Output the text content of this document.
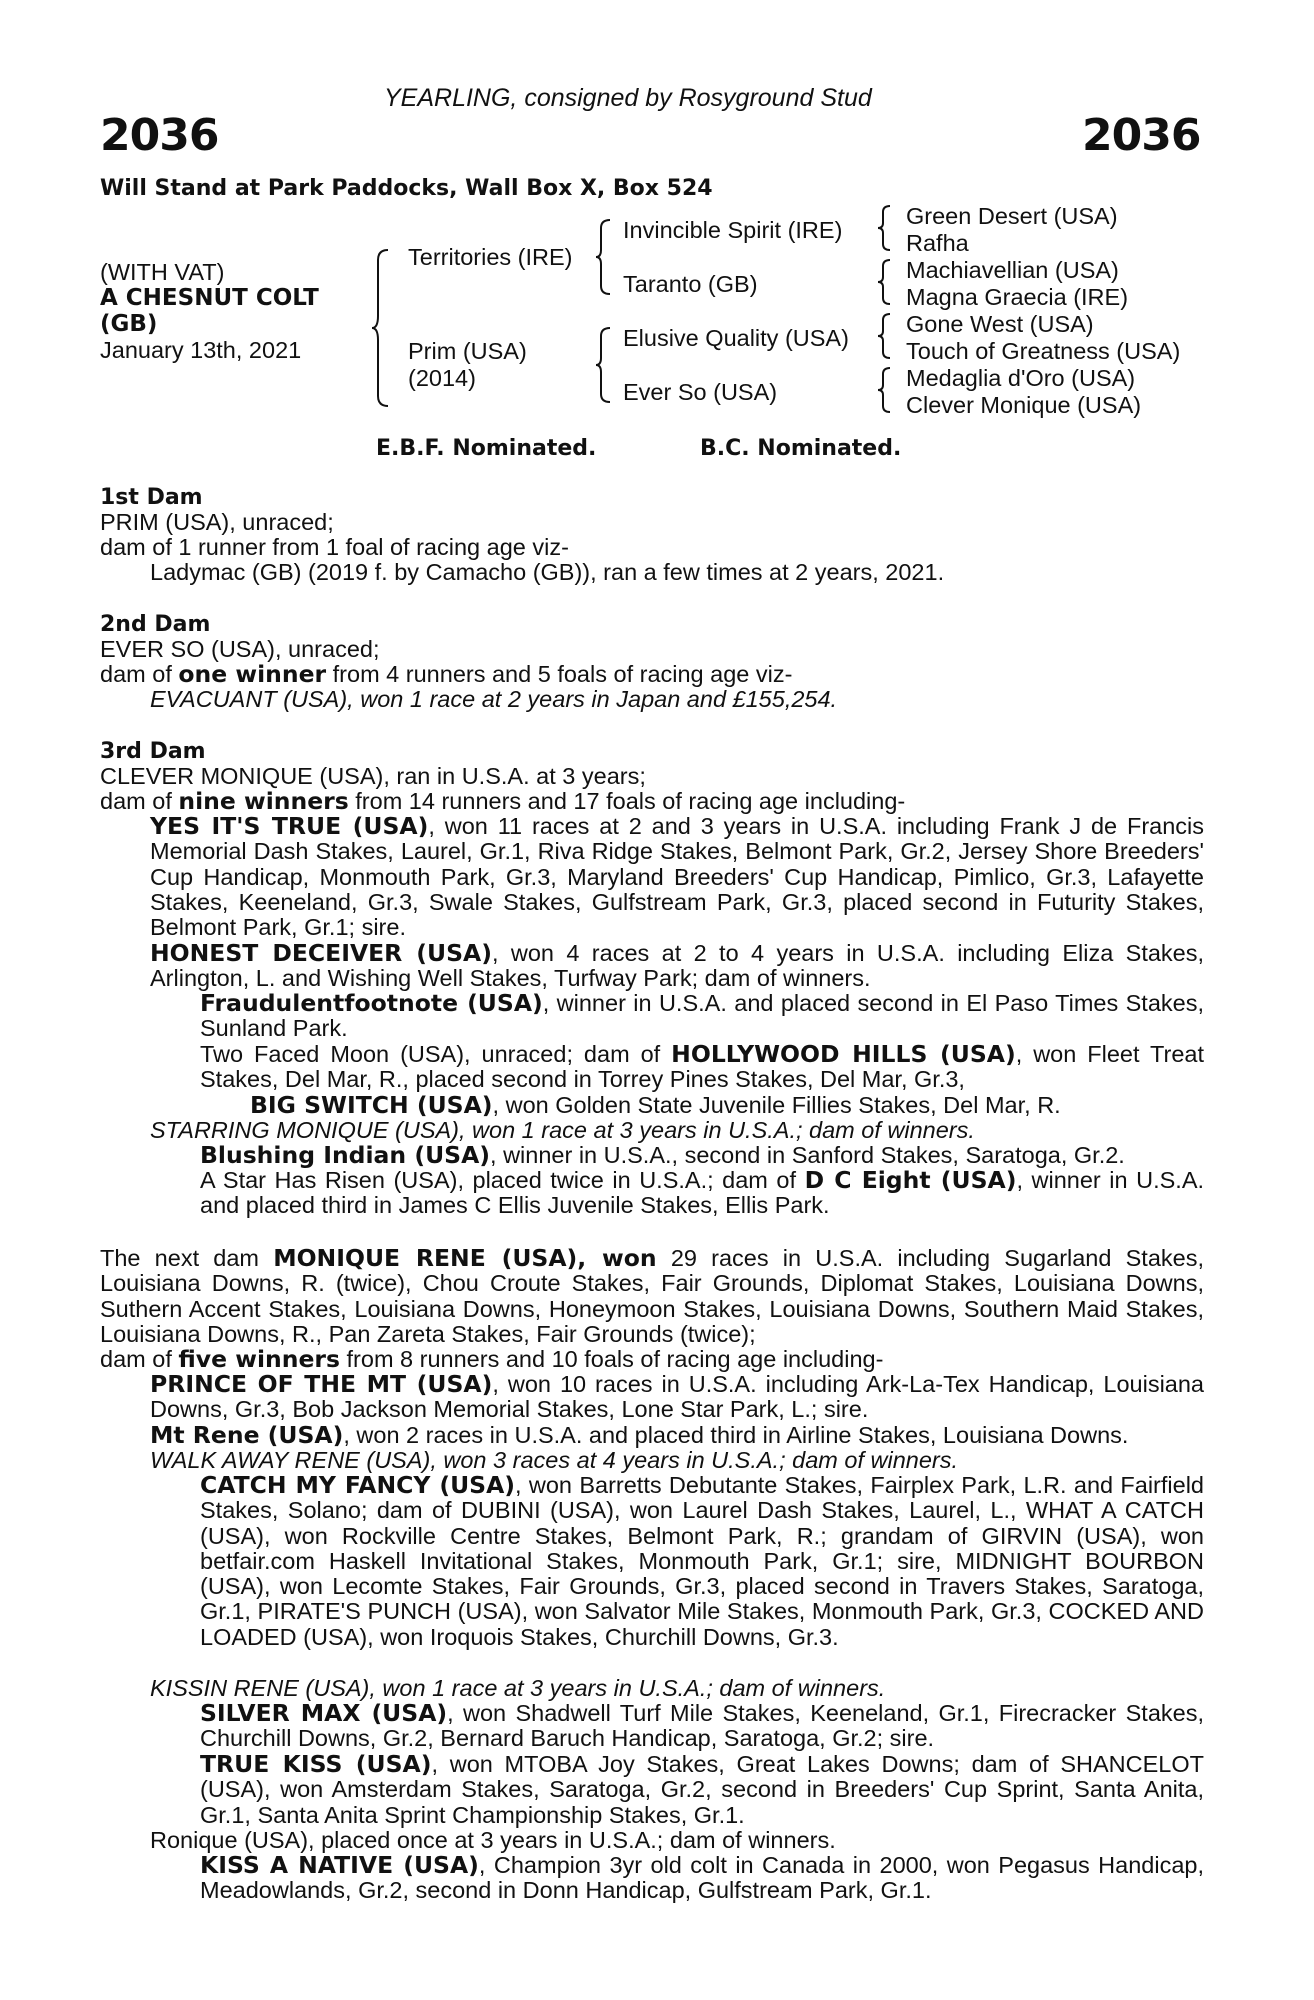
YEARLING, consigned by Rosyground Stud
2036	2036
Will Stand at Park Paddocks, Wall Box X, Box 524
(WITH VAT)
A CHESNUT COLT
(GB)
January 13th, 2021
Territories (IRE)
Prim (USA)
(2014)
Invincible Spirit (IRE)
Taranto (GB)
Elusive Quality (USA)
Ever So (USA)
Green Desert (USA)
Rafha
Machiavellian (USA)
Magna Graecia (IRE)
Gone West (USA)
Touch of Greatness (USA)
Medaglia d'Oro (USA)
Clever Monique (USA)
E.B.F. Nominated.	B.C. Nominated.
1st Dam
PRIM (USA), unraced;
dam of 1 runner from 1 foal of racing age viz-
Ladymac (GB) (2019 f. by Camacho (GB)), ran a few times at 2 years, 2021.
2nd Dam
EVER SO (USA), unraced;
dam of one winner from 4 runners and 5 foals of racing age viz-
EVACUANT (USA), won 1 race at 2 years in Japan and £155,254.
3rd Dam
CLEVER MONIQUE (USA), ran in U.S.A. at 3 years;
dam of nine winners from 14 runners and 17 foals of racing age including-
YES IT'S TRUE (USA), won 11 races at 2 and 3 years in U.S.A. including Frank J de Francis Memorial Dash Stakes, Laurel, Gr.1, Riva Ridge Stakes, Belmont Park, Gr.2, Jersey Shore Breeders' Cup Handicap, Monmouth Park, Gr.3, Maryland Breeders' Cup Handicap, Pimlico, Gr.3, Lafayette Stakes, Keeneland, Gr.3, Swale Stakes, Gulfstream Park, Gr.3, placed second in Futurity Stakes, Belmont Park, Gr.1; sire.
HONEST DECEIVER (USA), won 4 races at 2 to 4 years in U.S.A. including Eliza Stakes, Arlington, L. and Wishing Well Stakes, Turfway Park; dam of winners.
Fraudulentfootnote (USA), winner in U.S.A. and placed second in El Paso Times Stakes, Sunland Park.
Two Faced Moon (USA), unraced; dam of HOLLYWOOD HILLS (USA), won Fleet Treat Stakes, Del Mar, R., placed second in Torrey Pines Stakes, Del Mar, Gr.3,
BIG SWITCH (USA), won Golden State Juvenile Fillies Stakes, Del Mar, R.
STARRING MONIQUE (USA), won 1 race at 3 years in U.S.A.; dam of winners.
Blushing Indian (USA), winner in U.S.A., second in Sanford Stakes, Saratoga, Gr.2.
A Star Has Risen (USA), placed twice in U.S.A.; dam of D C Eight (USA), winner in U.S.A. and placed third in James C Ellis Juvenile Stakes, Ellis Park.
The next dam MONIQUE RENE (USA), won 29 races in U.S.A. including Sugarland Stakes, Louisiana Downs, R. (twice), Chou Croute Stakes, Fair Grounds, Diplomat Stakes, Louisiana Downs, Suthern Accent Stakes, Louisiana Downs, Honeymoon Stakes, Louisiana Downs, Southern Maid Stakes, Louisiana Downs, R., Pan Zareta Stakes, Fair Grounds (twice);
dam of five winners from 8 runners and 10 foals of racing age including-
PRINCE OF THE MT (USA), won 10 races in U.S.A. including Ark-La-Tex Handicap, Louisiana Downs, Gr.3, Bob Jackson Memorial Stakes, Lone Star Park, L.; sire.
Mt Rene (USA), won 2 races in U.S.A. and placed third in Airline Stakes, Louisiana Downs.
WALK AWAY RENE (USA), won 3 races at 4 years in U.S.A.; dam of winners.
CATCH MY FANCY (USA), won Barretts Debutante Stakes, Fairplex Park, L.R. and Fairfield Stakes, Solano; dam of DUBINI (USA), won Laurel Dash Stakes, Laurel, L., WHAT A CATCH (USA), won Rockville Centre Stakes, Belmont Park, R.; grandam of GIRVIN (USA), won betfair.com Haskell Invitational Stakes, Monmouth Park, Gr.1; sire, MIDNIGHT BOURBON (USA), won Lecomte Stakes, Fair Grounds, Gr.3, placed second in Travers Stakes, Saratoga, Gr.1, PIRATE'S PUNCH (USA), won Salvator Mile Stakes, Monmouth Park, Gr.3, COCKED AND LOADED (USA), won Iroquois Stakes, Churchill Downs, Gr.3.
KISSIN RENE (USA), won 1 race at 3 years in U.S.A.; dam of winners.
SILVER MAX (USA), won Shadwell Turf Mile Stakes, Keeneland, Gr.1, Firecracker Stakes, Churchill Downs, Gr.2, Bernard Baruch Handicap, Saratoga, Gr.2; sire.
TRUE KISS (USA), won MTOBA Joy Stakes, Great Lakes Downs; dam of SHANCELOT (USA), won Amsterdam Stakes, Saratoga, Gr.2, second in Breeders' Cup Sprint, Santa Anita, Gr.1, Santa Anita Sprint Championship Stakes, Gr.1.
Ronique (USA), placed once at 3 years in U.S.A.; dam of winners.
KISS A NATIVE (USA), Champion 3yr old colt in Canada in 2000, won Pegasus Handicap, Meadowlands, Gr.2, second in Donn Handicap, Gulfstream Park, Gr.1.
